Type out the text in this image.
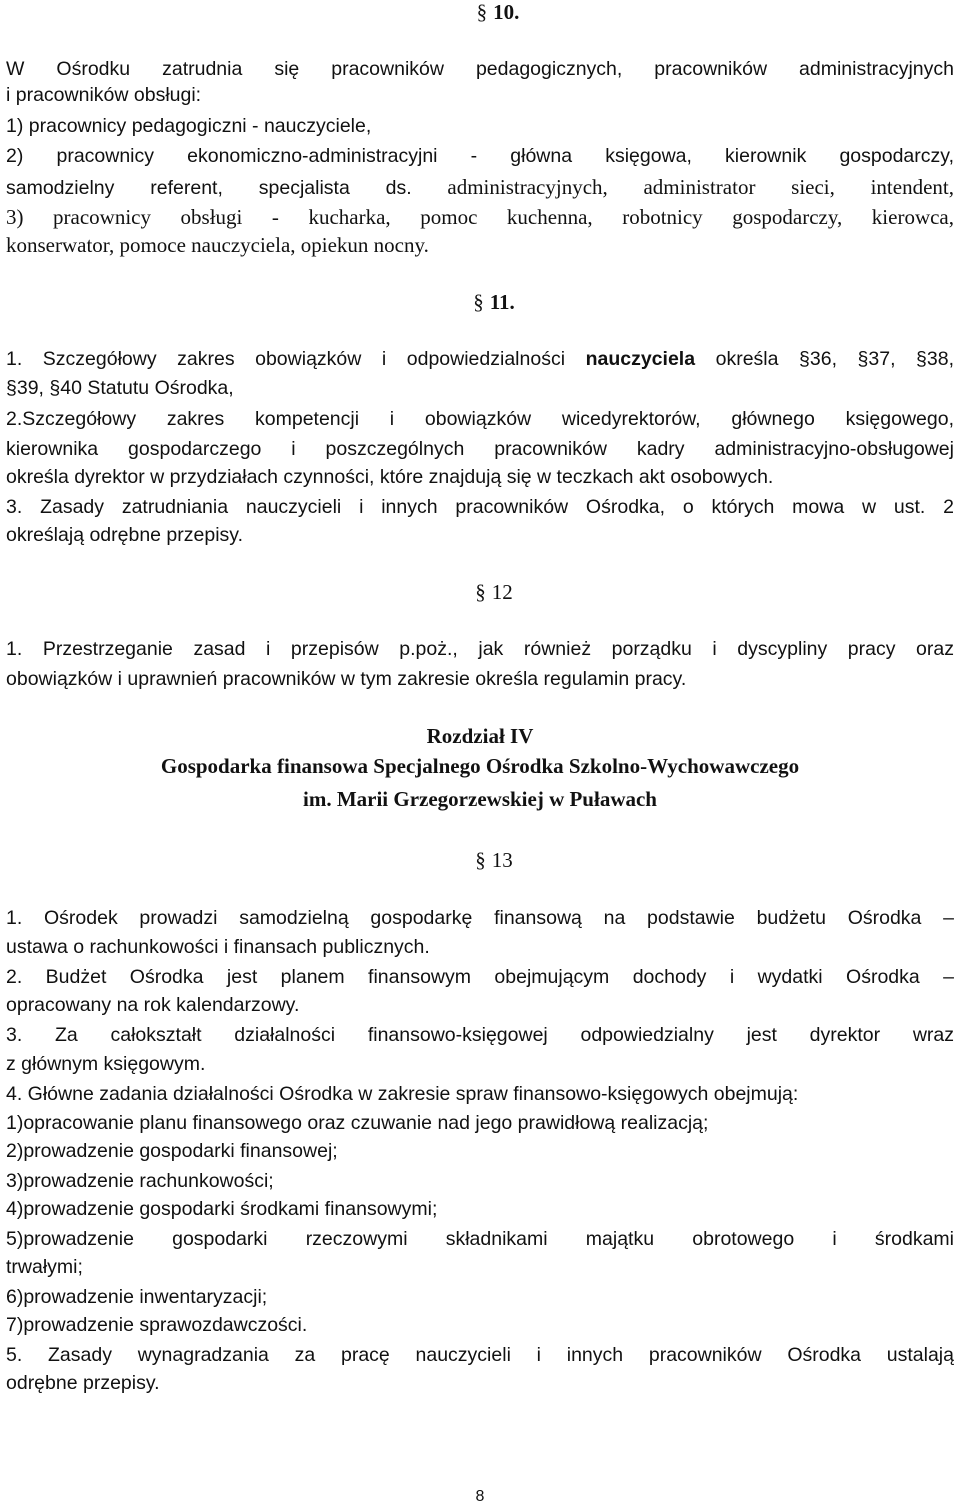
§ 10.
W Ośrodku zatrudnia się pracowników pedagogicznych, pracowników administracyjnych
i pracowników obsługi:
1) pracownicy pedagogiczni - nauczyciele,
2) pracownicy ekonomiczno-administracyjni - główna księgowa, kierownik gospodarczy,
samodzielny referent, specjalista ds. administracyjnych, administrator sieci, intendent,
3) pracownicy obsługi - kucharka, pomoc kuchenna, robotnicy gospodarczy, kierowca,
konserwator, pomoce nauczyciela, opiekun nocny.
§ 11.
1. Szczegółowy zakres obowiązków i odpowiedzialności nauczyciela określa §36, §37, §38,
§39, §40 Statutu Ośrodka,
2.Szczegółowy zakres kompetencji i obowiązków wicedyrektorów, głównego księgowego,
kierownika gospodarczego i poszczególnych pracowników kadry administracyjno-obsługowej
określa dyrektor w przydziałach czynności, które znajdują się w teczkach akt osobowych.
3. Zasady zatrudniania nauczycieli i innych pracowników Ośrodka, o których mowa w ust. 2
określają odrębne przepisy.
§ 12
1. Przestrzeganie zasad i przepisów p.poż., jak również porządku i dyscypliny pracy oraz
obowiązków i uprawnień pracowników w tym zakresie określa regulamin pracy.
Rozdział IV
Gospodarka finansowa Specjalnego Ośrodka Szkolno-Wychowawczego
im. Marii Grzegorzewskiej w Puławach
§ 13
1. Ośrodek prowadzi samodzielną gospodarkę finansową na podstawie budżetu Ośrodka –
ustawa o rachunkowości i finansach publicznych.
2. Budżet Ośrodka jest planem finansowym obejmującym dochody i wydatki Ośrodka –
opracowany na rok kalendarzowy.
3. Za całokształt działalności finansowo-księgowej odpowiedzialny jest dyrektor wraz
z głównym księgowym.
4. Główne zadania działalności Ośrodka w zakresie spraw finansowo-księgowych obejmują:
1)opracowanie planu finansowego oraz czuwanie nad jego prawidłową realizacją;
2)prowadzenie gospodarki finansowej;
3)prowadzenie rachunkowości;
4)prowadzenie gospodarki środkami finansowymi;
5)prowadzenie gospodarki rzeczowymi składnikami majątku obrotowego i środkami
trwałymi;
6)prowadzenie inwentaryzacji;
7)prowadzenie sprawozdawczości.
5. Zasady wynagradzania za pracę nauczycieli i innych pracowników Ośrodka ustalają
odrębne przepisy.
8
